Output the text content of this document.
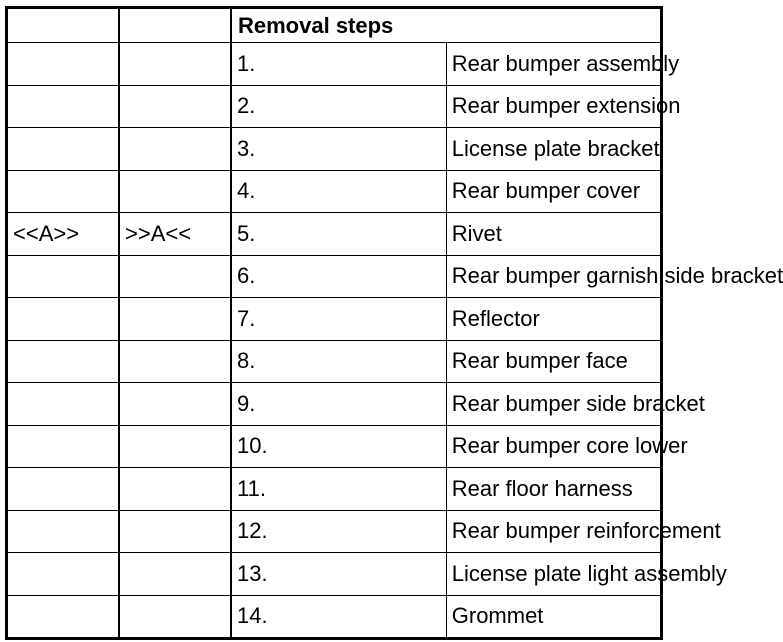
		Removal steps	
		1.	Rear bumper assembly
		2.	Rear bumper extension
		3.	License plate bracket
		4.	Rear bumper cover
<<A>>	>>A<<	5.	Rivet
		6.	Rear bumper garnish side bracket
		7.	Reflector
		8.	Rear bumper face
		9.	Rear bumper side bracket
		10.	Rear bumper core lower
		11.	Rear floor harness
		12.	Rear bumper reinforcement
		13.	License plate light assembly
		14.	Grommet
